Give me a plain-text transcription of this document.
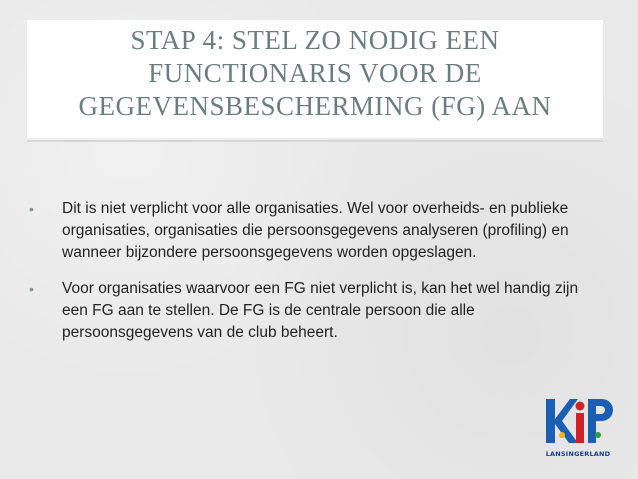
STAP 4: STEL ZO NODIG EEN FUNCTIONARIS VOOR DE GEGEVENSBESCHERMING (FG) AAN
• Dit is niet verplicht voor alle organisaties. Wel voor overheids- en publieke organisaties, organisaties die persoonsgegevens analyseren (profiling) en wanneer bijzondere persoonsgegevens worden opgeslagen.
• Voor organisaties waarvoor een FG niet verplicht is, kan het wel handig zijn een FG aan te stellen. De FG is de centrale persoon die alle persoonsgegevens van de club beheert.
LANSINGERLAND
